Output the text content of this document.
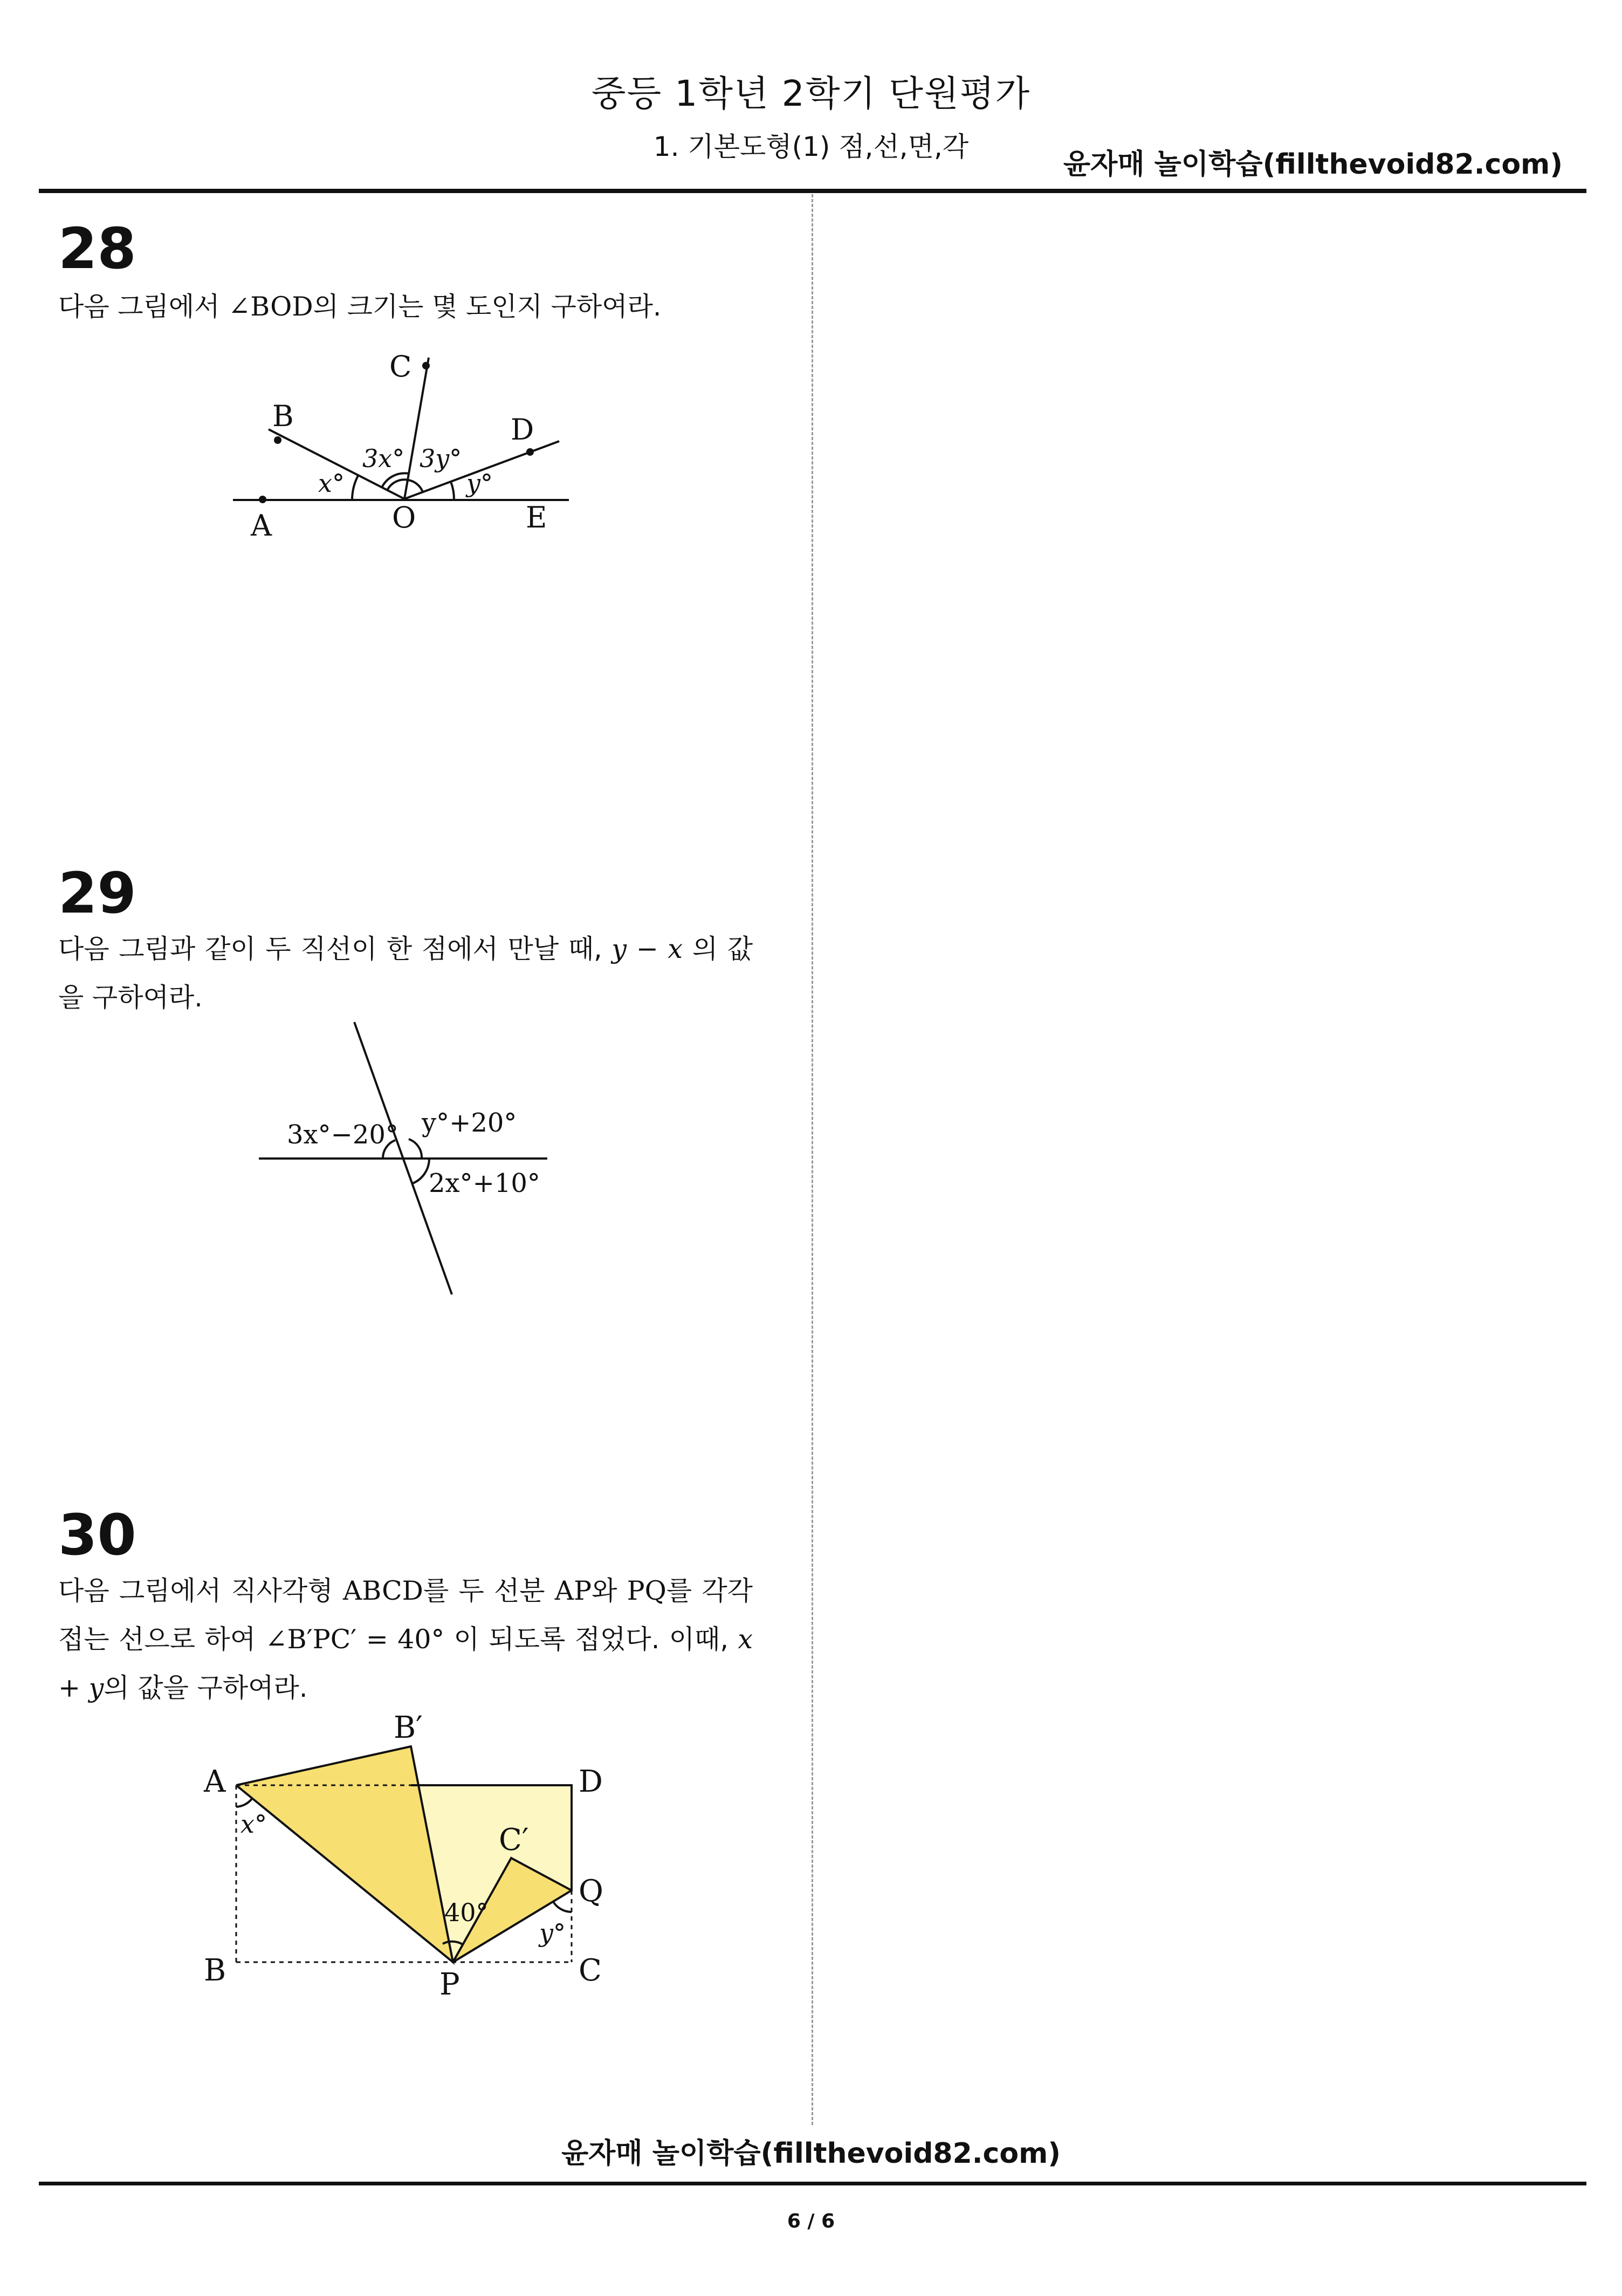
중등 1학년 2학기 단원평가
1. 기본도형(1) 점,선,면,각
윤자매 놀이학습(fillthevoid82.com)
28
다음 그림에서 ∠BOD의 크기는 몇 도인지 구하여라.
A	O	E
B
C
D
x°
3x° 3y°
y°
29
다음 그림과 같이 두 직선이 한 점에서 만날 때, y − x 의 값을 구하여라.
3x°−20° y°+20°
2x°+10°
30
다음 그림에서 직사각형 ABCD를 두 선분 AP와 PQ를 각각 접는 선으로 하여 ∠B′PC′ = 40° 이 되도록 접었다. 이때, x + y의 값을 구하여라.
A
B′
D
C′
Q
B	P	C
40°
x°
y°
윤자매 놀이학습(fillthevoid82.com)
6 / 6
